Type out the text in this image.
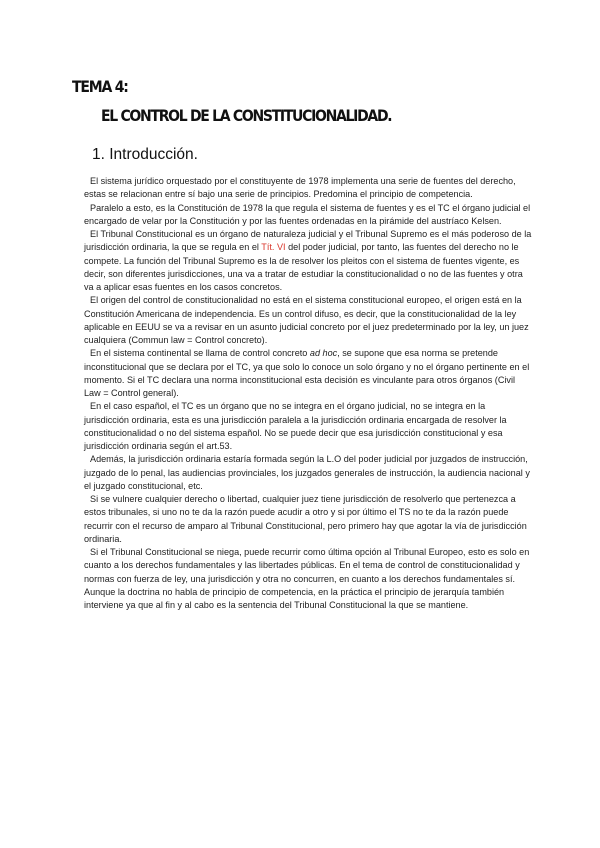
TEMA 4:
EL CONTROL DE LA CONSTITUCIONALIDAD.
1. Introducción.

El sistema jurídico orquestado por el constituyente de 1978 implementa una serie de fuentes del derecho, estas se relacionan entre sí bajo una serie de principios. Predomina el principio de competencia.

Paralelo a esto, es la Constitución de 1978 la que regula el sistema de fuentes y es el TC el órgano judicial el encargado de velar por la Constitución y por las fuentes ordenadas en la pirámide del austríaco Kelsen.

El Tribunal Constitucional es un órgano de naturaleza judicial y el Tribunal Supremo es el más poderoso de la jurisdicción ordinaria, la que se regula en el Tít. VI del poder judicial, por tanto, las fuentes del derecho no le compete. La función del Tribunal Supremo es la de resolver los pleitos con el sistema de fuentes vigente, es decir, son diferentes jurisdicciones, una va a tratar de estudiar la constitucionalidad o no de las fuentes y otra va a aplicar esas fuentes en los casos concretos.

El origen del control de constitucionalidad no está en el sistema constitucional europeo, el origen está en la Constitución Americana de independencia. Es un control difuso, es decir, que la constitucionalidad de la ley aplicable en EEUU se va a revisar en un asunto judicial concreto por el juez predeterminado por la ley, un juez cualquiera (Commun law = Control concreto).

En el sistema continental se llama de control concreto ad hoc, se supone que esa norma se pretende inconstitucional que se declara por el TC, ya que solo lo conoce un solo órgano y no el órgano pertinente en el momento. Si el TC declara una norma inconstitucional esta decisión es vinculante para otros órganos (Civil Law = Control general).

En el caso español, el TC es un órgano que no se integra en el órgano judicial, no se integra en la jurisdicción ordinaria, esta es una jurisdicción paralela a la jurisdicción ordinaria encargada de resolver la constitucionalidad o no del sistema español. No se puede decir que esa jurisdicción constitucional y esa jurisdicción ordinaria según el art.53.

Además, la jurisdicción ordinaria estaría formada según la L.O del poder judicial por juzgados de instrucción, juzgado de lo penal, las audiencias provinciales, los juzgados generales de instrucción, la audiencia nacional y el juzgado constitucional, etc.

Si se vulnere cualquier derecho o libertad, cualquier juez tiene jurisdicción de resolverlo que pertenezca a estos tribunales, si uno no te da la razón puede acudir a otro y si por último el TS no te da la razón puede recurrir con el recurso de amparo al Tribunal Constitucional, pero primero hay que agotar la vía de jurisdicción ordinaria.

Si el Tribunal Constitucional se niega, puede recurrir como última opción al Tribunal Europeo, esto es solo en cuanto a los derechos fundamentales y las libertades públicas. En el tema de control de constitucionalidad y normas con fuerza de ley, una jurisdicción y otra no concurren, en cuanto a los derechos fundamentales sí. Aunque la doctrina no habla de principio de competencia, en la práctica el principio de jerarquía también interviene ya que al fin y al cabo es la sentencia del Tribunal Constitucional la que se mantiene.
